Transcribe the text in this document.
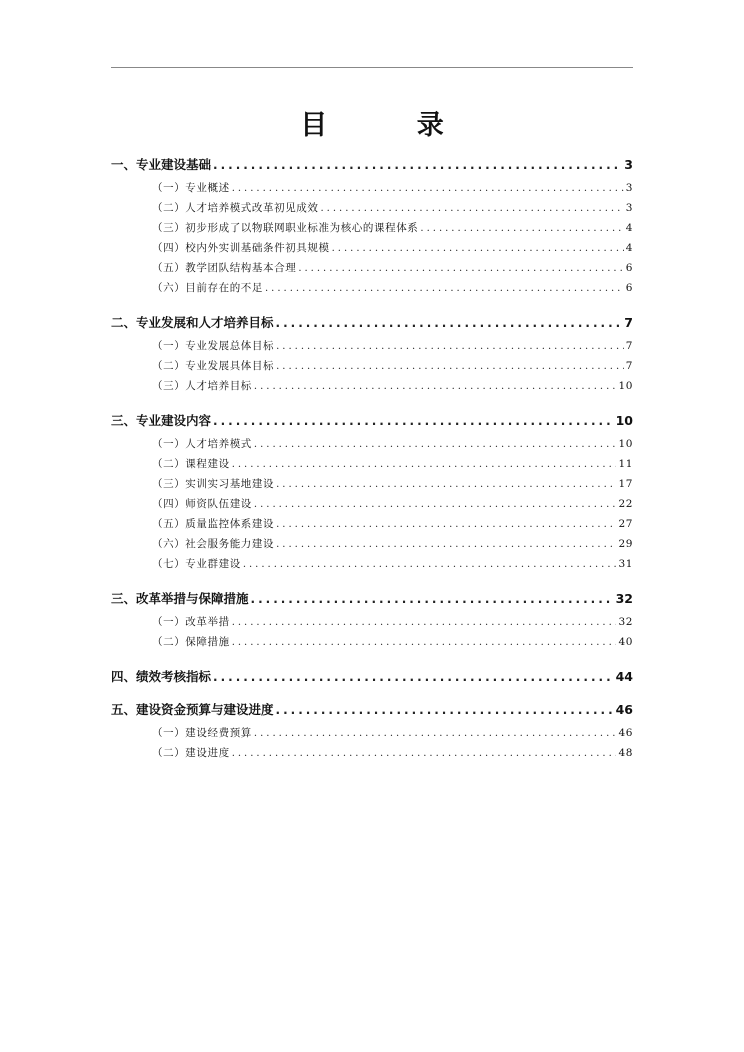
目 录
一、专业建设基础 .....	3
（一）专业概述 .....	3
（二）人才培养模式改革初见成效 .....	3
（三）初步形成了以物联网职业标准为核心的课程体系 .....	4
（四）校内外实训基础条件初具规模 .....	4
（五）教学团队结构基本合理 .....	6
（六）目前存在的不足 .....	6
二、专业发展和人才培养目标 .....	7
（一）专业发展总体目标 .....	7
（二）专业发展具体目标 .....	7
（三）人才培养目标 .....	10
三、专业建设内容 .....	10
（一）人才培养模式 .....	10
（二）课程建设 .....	11
（三）实训实习基地建设 .....	17
（四）师资队伍建设 .....	22
（五）质量监控体系建设 .....	27
（六）社会服务能力建设 .....	29
（七）专业群建设 .....	31
三、改革举措与保障措施 .....	32
（一）改革举措 .....	32
（二）保障措施 .....	40
四、绩效考核指标 .....	44
五、建设资金预算与建设进度 .....	46
（一）建设经费预算 .....	46
（二）建设进度 .....	48
